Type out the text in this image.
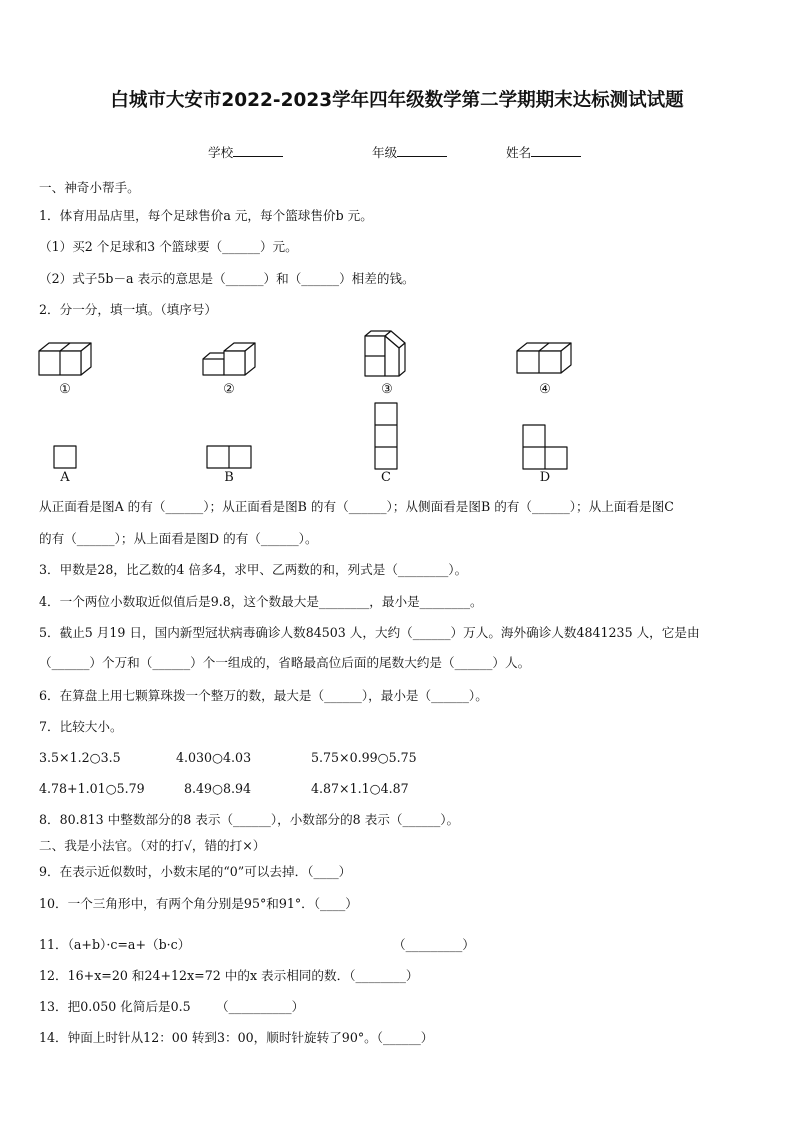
白城市大安市2022-2023学年四年级数学第二学期期末达标测试试题
学校	年级	姓名
一、神奇小帮手。
1．体育用品店里，每个足球售价a 元，每个篮球售价b 元。
（1）买2 个足球和3 个篮球要（______）元。
（2）式子5b－a 表示的意思是（______）和（______）相差的钱。
2．分一分，填一填。（填序号）
①	②	③	④
A	B	C	D
从正面看是图A 的有（______）；从正面看是图B 的有（______）；从侧面看是图B 的有（______）；从上面看是图C
的有（______）；从上面看是图D 的有（______）。
3．甲数是28，比乙数的4 倍多4，求甲、乙两数的和，列式是（________）。
4．一个两位小数取近似值后是9.8，这个数最大是________，最小是________。
5．截止5 月19 日，国内新型冠状病毒确诊人数84503 人，大约（______）万人。海外确诊人数4841235 人，它是由
（______）个万和（______）个一组成的，省略最高位后面的尾数大约是（______）人。
6．在算盘上用七颗算珠拨一个整万的数，最大是（______），最小是（______）。
7．比较大小。
3.5×1.2○3.5	4.030○4.03	5.75×0.99○5.75
4.78+1.01○5.79	8.49○8.94	4.87×1.1○4.87
8．80.813 中整数部分的8 表示（______），小数部分的8 表示（______）。
二、我是小法官。（对的打√，错的打×）
9．在表示近似数时，小数末尾的“0”可以去掉．（____）
10．一个三角形中，有两个角分别是95°和91°．（____）
11．（a+b）·c=a+（b·c）	（_________）
12．16+x=20 和24+12x=72 中的x 表示相同的数．（________）
13．把0.050 化简后是0.5 （__________）
14．钟面上时针从12：00 转到3：00，顺时针旋转了90°。（______）
